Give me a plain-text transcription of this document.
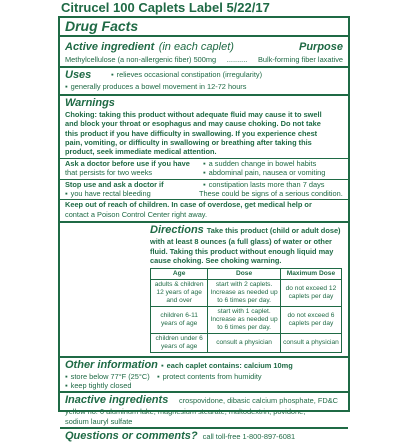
Citrucel 100 Caplets Label 5/22/17
Drug Facts
Active ingredient (in each caplet)	Purpose
Methylcellulose (a non-allergenic fiber) 500mg	..........	Bulk-forming fiber laxative
Uses	▪ relieves occasional constipation (irregularity)
▪ generally produces a bowel movement in 12-72 hours
Warnings
Choking: taking this product without adequate fluid may cause it to swell
and block your throat or esophagus and may cause choking. Do not take
this product if you have difficulty in swallowing. If you experience chest
pain, vomiting, or difficulty in swallowing or breathing after taking this
product, seek immediate medical attention.
Ask a doctor before use if you have	▪ a sudden change in bowel habits
that persists for two weeks	▪ abdominal pain, nausea or vomiting
Stop use and ask a doctor if	▪ constipation lasts more than 7 days
▪ you have rectal bleeding	These could be signs of a serious condition.
Keep out of reach of children. In case of overdose, get medical help or
contact a Poison Control Center right away.
Directions Take this product (child or adult dose)
with at least 8 ounces (a full glass) of water or other
fluid. Taking this product without enough liquid may
cause choking. See choking warning.
Age	Dose	Maximum Dose
adults & children 12 years of age and over	start with 2 caplets. Increase as needed up to 6 times per day.	do not exceed 12 caplets per day
children 6-11 years of age	start with 1 caplet. Increase as needed up to 6 times per day.	do not exceed 6 caplets per day
children under 6 years of age	consult a physician	consult a physician
Other information	▪ each caplet contains: calcium 10mg
▪ store below 77°F (25°C)	▪ protect contents from humidity
▪ keep tightly closed
Inactive ingredients	crospovidone, dibasic calcium phosphate, FD&C
yellow no. 6 aluminum lake, magnesium stearate, maltodextrin, povidone,
sodium lauryl sulfate
Questions or comments? call toll-free 1-800-897-6081
